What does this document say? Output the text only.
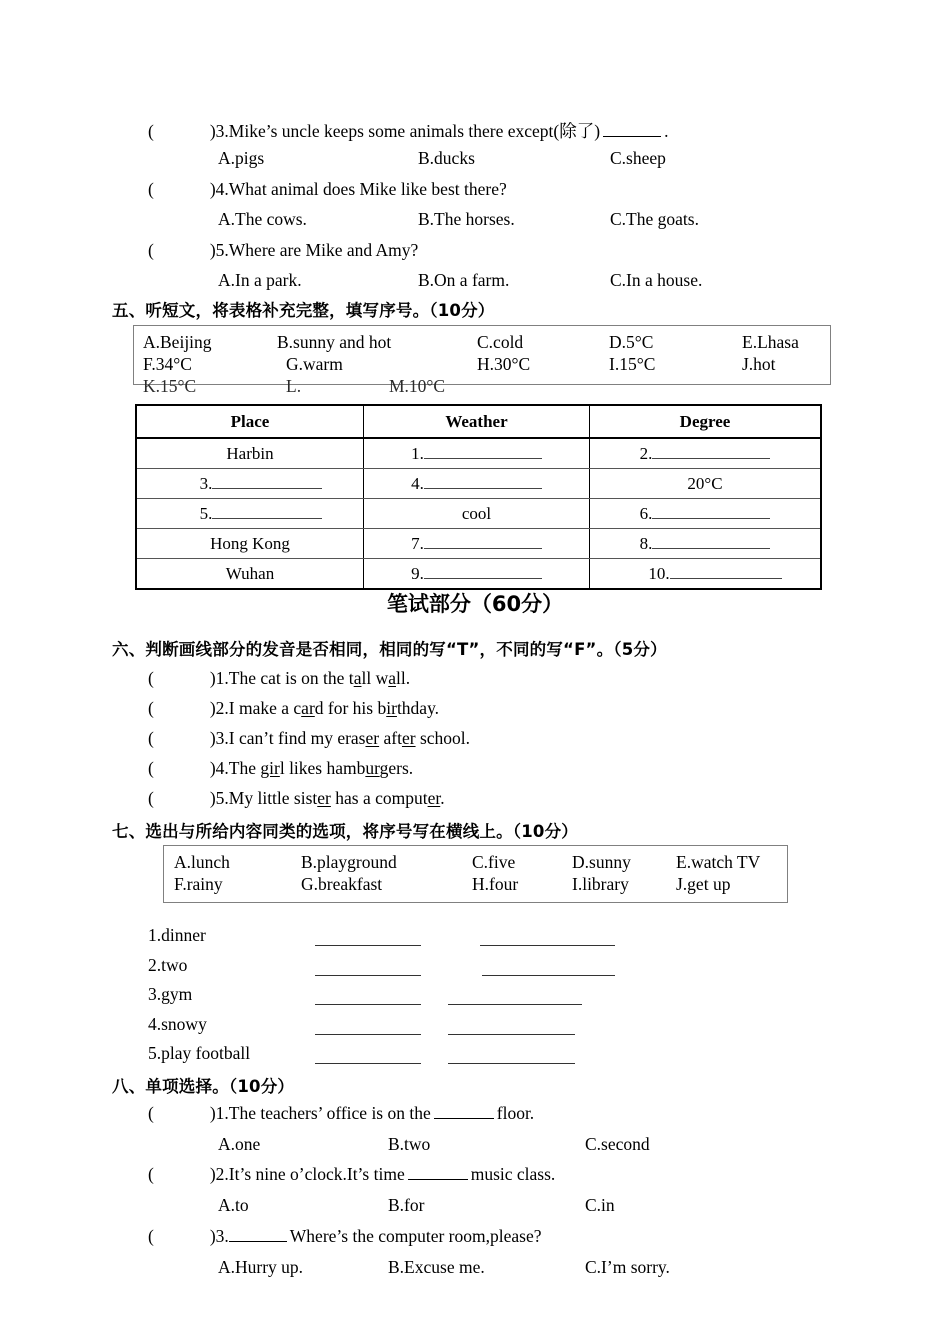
(	)3.Mike’s uncle keeps some animals there except(除了)	.
A.pigs	B.ducks	C.sheep
(	)4.What animal does Mike like best there?
A.The cows.	B.The horses.	C.The goats.
(	)5.Where are Mike and Amy?
A.In a park.	B.On a farm.	C.In a house.
五、听短文，将表格补充完整，填写序号。（10分）
A.Beijing	B.sunny and hot	C.cold	D.5°C	E.Lhasa
F.34°C	G.warm	H.30°C	I.15°C	J.hot
K.15°C	L.	M.10°C
Place	Weather	Degree
Harbin	1.	2.
3.	4.	20°C
5.	cool	6.
Hong Kong	7.	8.
Wuhan	9.	10.
笔试部分（60分）
六、判断画线部分的发音是否相同，相同的写“T”，不同的写“F”。（5分）
(	)1.The cat is on the tall wall.
(	)2.I make a card for his birthday.
(	)3.I can’t find my eraser after school.
(	)4.The girl likes hamburgers.
(	)5.My little sister has a computer.
七、选出与所给内容同类的选项，将序号写在横线上。（10分）
A.lunch	B.playground	C.five	D.sunny	E.watch TV
F.rainy	G.breakfast	H.four	I.library	J.get up
1.dinner
2.two
3.gym
4.snowy
5.play football
八、单项选择。（10分）
(	)1.The teachers’ office is on the	floor.
A.one	B.two	C.second
(	)2.It’s nine o’clock.It’s time	music class.
A.to	B.for	C.in
(	)3.	Where’s the computer room,please?
A.Hurry up.	B.Excuse me.	C.I’m sorry.
